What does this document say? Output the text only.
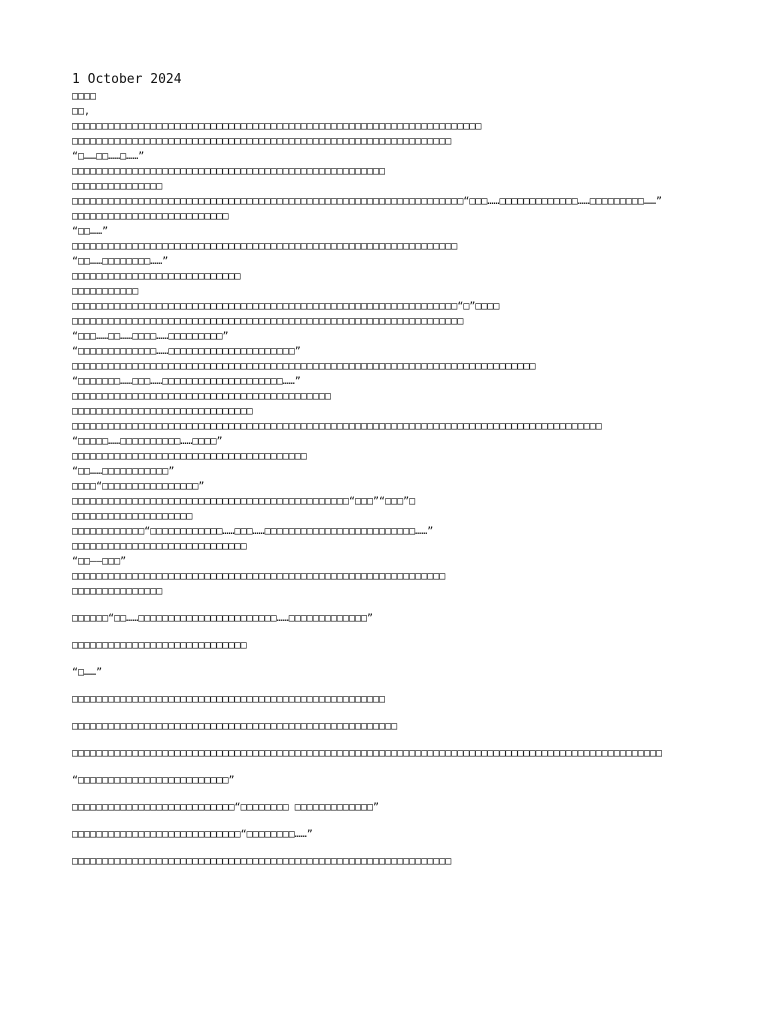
1 October 2024

□□□□

□□,

□□□□□□□□□□□□□□□□□□□□□□□□□□□□□□□□□□□□□□□□□□□□□□□□□□□□□□□□□□□□□□□□□□□□

□□□□□□□□□□□□□□□□□□□□□□□□□□□□□□□□□□□□□□□□□□□□□□□□□□□□□□□□□□□□□□□

“□……□□……□……”

□□□□□□□□□□□□□□□□□□□□□□□□□□□□□□□□□□□□□□□□□□□□□□□□□□□□

□□□□□□□□□□□□□□□

□□□□□□□□□□□□□□□□□□□□□□□□□□□□□□□□□□□□□□□□□□□□□□□□□□□□□□□□□□□□□□□□□“□□□……□□□□□□□□□□□□□……□□□□□□□□□……”

□□□□□□□□□□□□□□□□□□□□□□□□□□

“□□……”

□□□□□□□□□□□□□□□□□□□□□□□□□□□□□□□□□□□□□□□□□□□□□□□□□□□□□□□□□□□□□□□□

“□□……□□□□□□□□……”

□□□□□□□□□□□□□□□□□□□□□□□□□□□□

□□□□□□□□□□□

□□□□□□□□□□□□□□□□□□□□□□□□□□□□□□□□□□□□□□□□□□□□□□□□□□□□□□□□□□□□□□□□“□”□□□□

□□□□□□□□□□□□□□□□□□□□□□□□□□□□□□□□□□□□□□□□□□□□□□□□□□□□□□□□□□□□□□□□□

“□□□……□□……□□□□……□□□□□□□□□”

“□□□□□□□□□□□□□……□□□□□□□□□□□□□□□□□□□□□”

□□□□□□□□□□□□□□□□□□□□□□□□□□□□□□□□□□□□□□□□□□□□□□□□□□□□□□□□□□□□□□□□□□□□□□□□□□□□□

“□□□□□□□……□□□……□□□□□□□□□□□□□□□□□□□□……”

□□□□□□□□□□□□□□□□□□□□□□□□□□□□□□□□□□□□□□□□□□□

□□□□□□□□□□□□□□□□□□□□□□□□□□□□□□

□□□□□□□□□□□□□□□□□□□□□□□□□□□□□□□□□□□□□□□□□□□□□□□□□□□□□□□□□□□□□□□□□□□□□□□□□□□□□□□□□□□□□□□□

“□□□□□……□□□□□□□□□□……□□□□”

□□□□□□□□□□□□□□□□□□□□□□□□□□□□□□□□□□□□□□□

“□□……□□□□□□□□□□□”

□□□□“□□□□□□□□□□□□□□□□”

□□□□□□□□□□□□□□□□□□□□□□□□□□□□□□□□□□□□□□□□□□□□□□“□□□”“□□□”□

□□□□□□□□□□□□□□□□□□□□

□□□□□□□□□□□□“□□□□□□□□□□□□……□□□……□□□□□□□□□□□□□□□□□□□□□□□□□……”

□□□□□□□□□□□□□□□□□□□□□□□□□□□□□

“□□——□□□”

□□□□□□□□□□□□□□□□□□□□□□□□□□□□□□□□□□□□□□□□□□□□□□□□□□□□□□□□□□□□□□

□□□□□□□□□□□□□□□

□□□□□□“□□……□□□□□□□□□□□□□□□□□□□□□□□……□□□□□□□□□□□□□”

□□□□□□□□□□□□□□□□□□□□□□□□□□□□□

“□……”

□□□□□□□□□□□□□□□□□□□□□□□□□□□□□□□□□□□□□□□□□□□□□□□□□□□□

□□□□□□□□□□□□□□□□□□□□□□□□□□□□□□□□□□□□□□□□□□□□□□□□□□□□□□

□□□□□□□□□□□□□□□□□□□□□□□□□□□□□□□□□□□□□□□□□□□□□□□□□□□□□□□□□□□□□□□□□□□□□□□□□□□□□□□□□□□□□□□□□□□□□□□□□□

“□□□□□□□□□□□□□□□□□□□□□□□□□”

□□□□□□□□□□□□□□□□□□□□□□□□□□□“□□□□□□□□ □□□□□□□□□□□□□”

□□□□□□□□□□□□□□□□□□□□□□□□□□□□“□□□□□□□□……”

□□□□□□□□□□□□□□□□□□□□□□□□□□□□□□□□□□□□□□□□□□□□□□□□□□□□□□□□□□□□□□□
